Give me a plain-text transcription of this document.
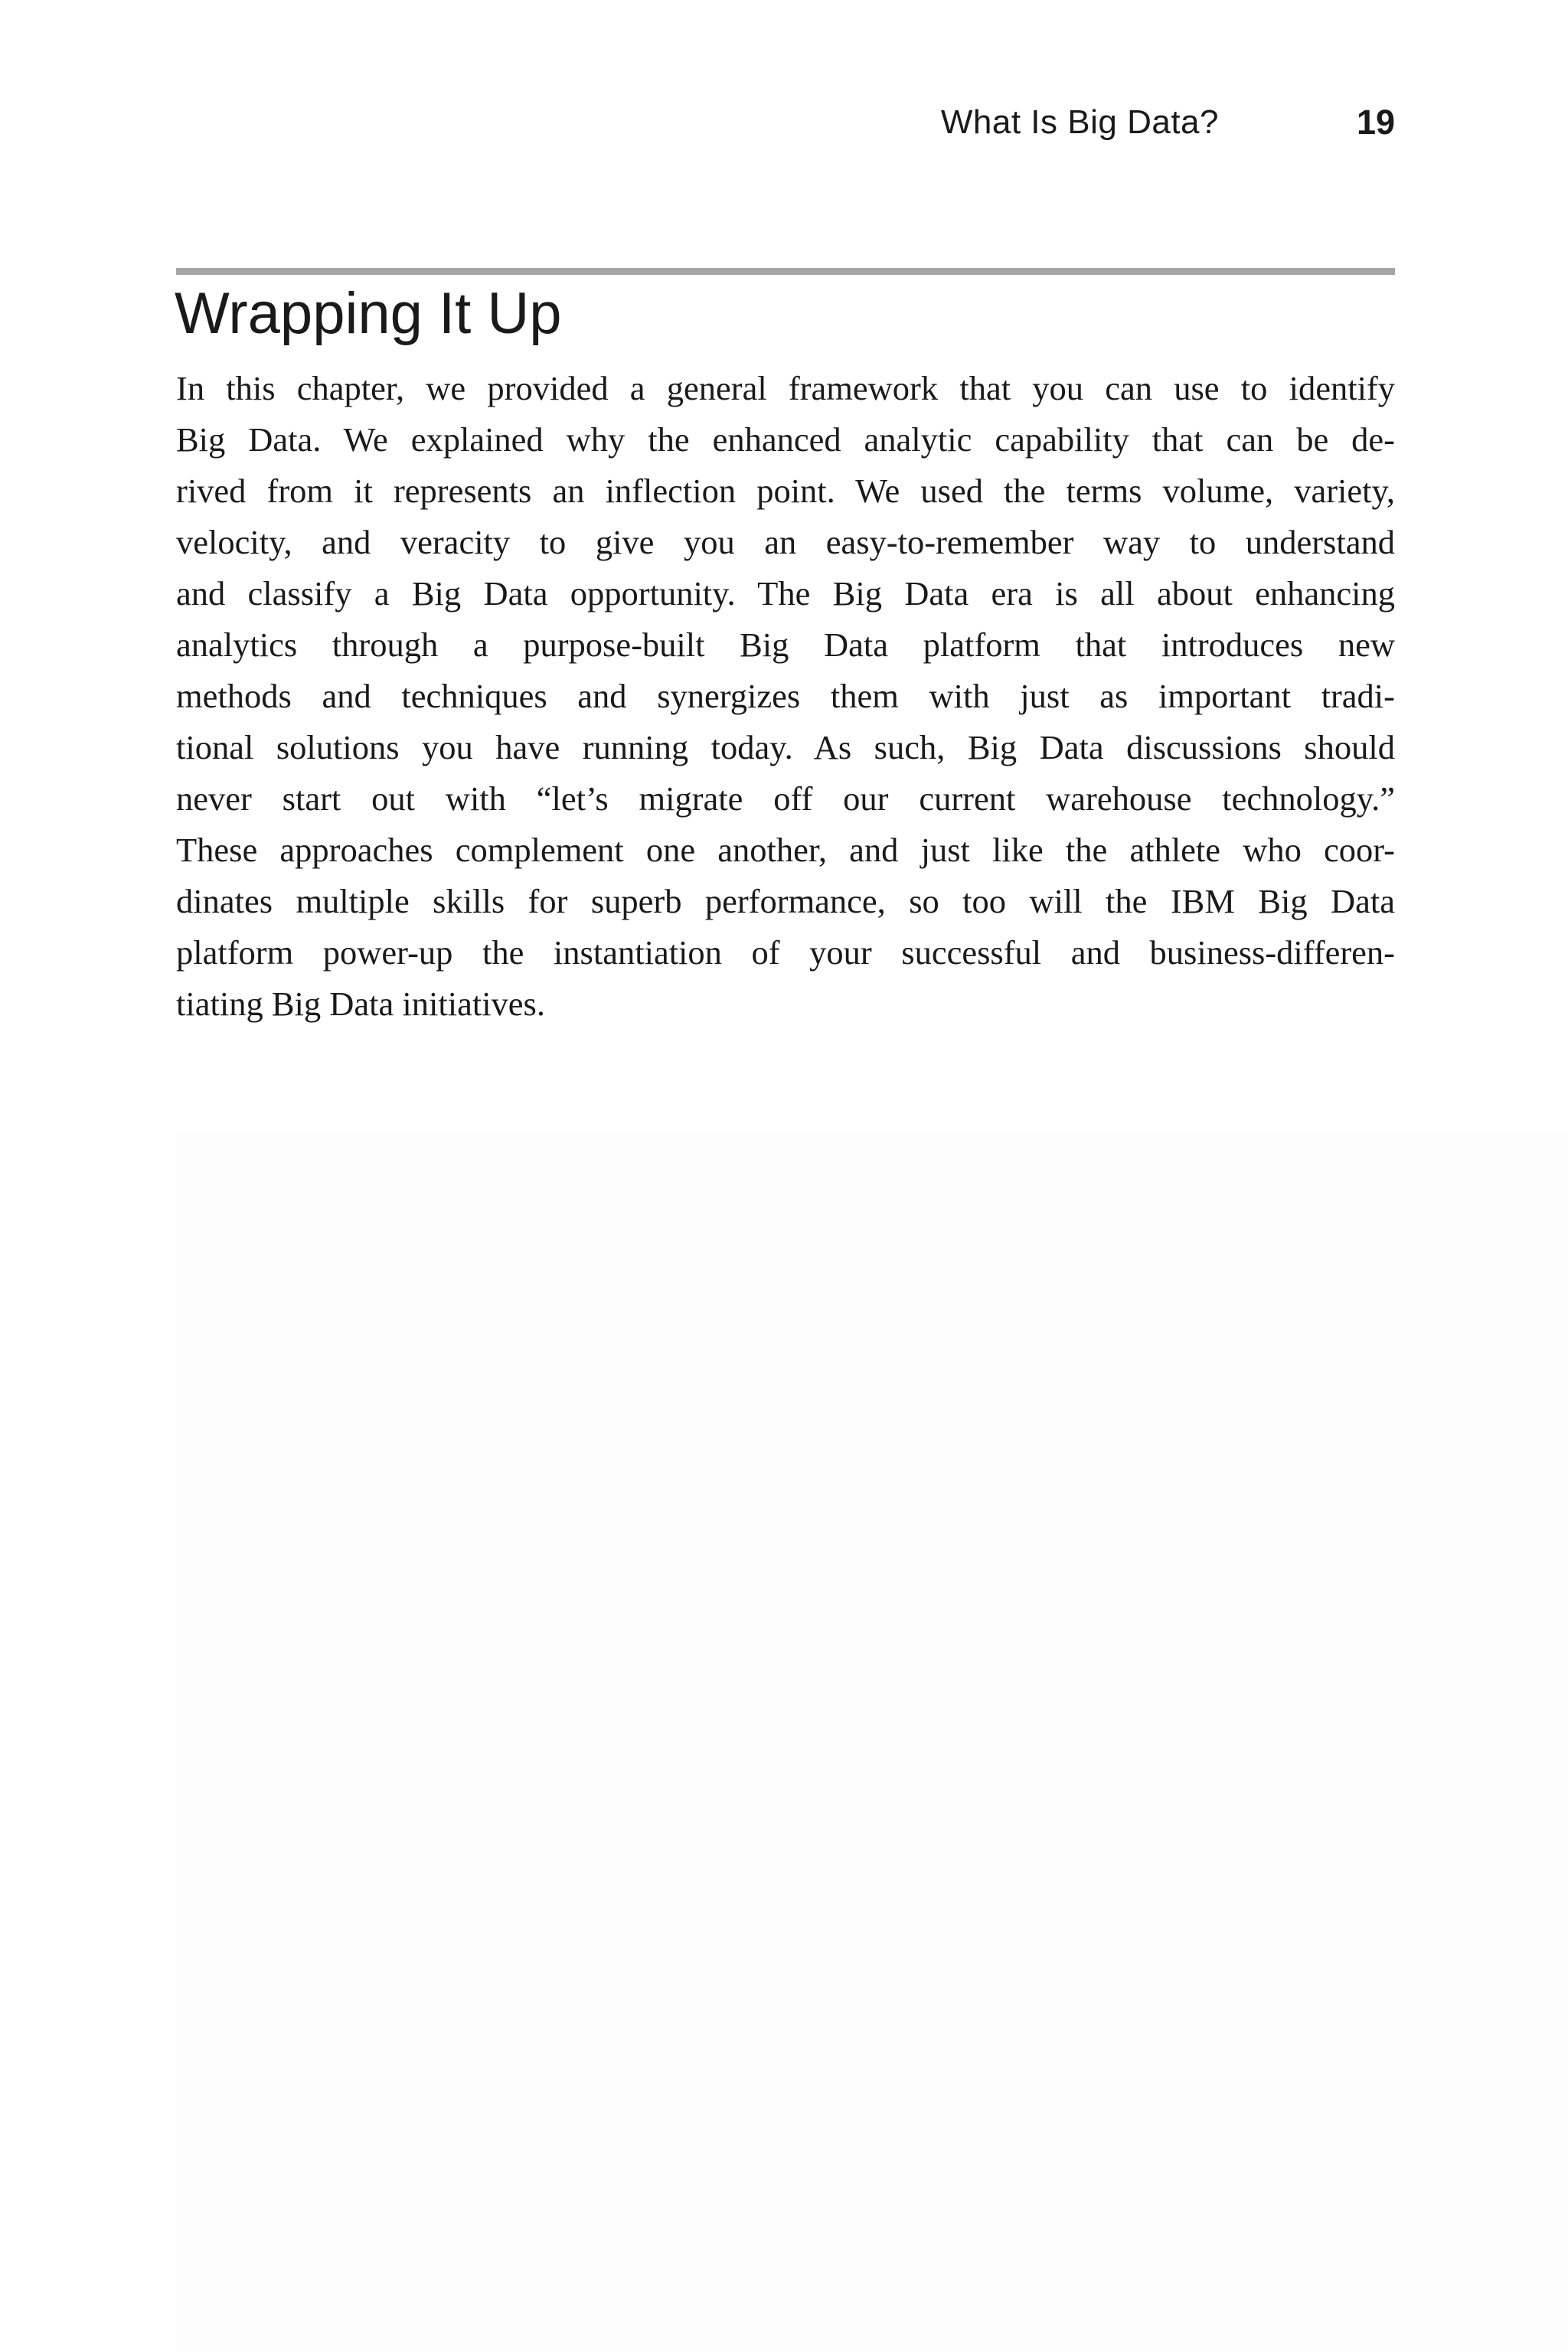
What Is Big Data?	19
Wrapping It Up
In this chapter, we provided a general framework that you can use to identify
Big Data. We explained why the enhanced analytic capability that can be de-
rived from it represents an inflection point. We used the terms volume, variety,
velocity, and veracity to give you an easy-to-remember way to understand
and classify a Big Data opportunity. The Big Data era is all about enhancing
analytics through a purpose-built Big Data platform that introduces new
methods and techniques and synergizes them with just as important tradi-
tional solutions you have running today. As such, Big Data discussions should
never start out with “let’s migrate off our current warehouse technology.”
These approaches complement one another, and just like the athlete who coor-
dinates multiple skills for superb performance, so too will the IBM Big Data
platform power-up the instantiation of your successful and business-differen-
tiating Big Data initiatives.
